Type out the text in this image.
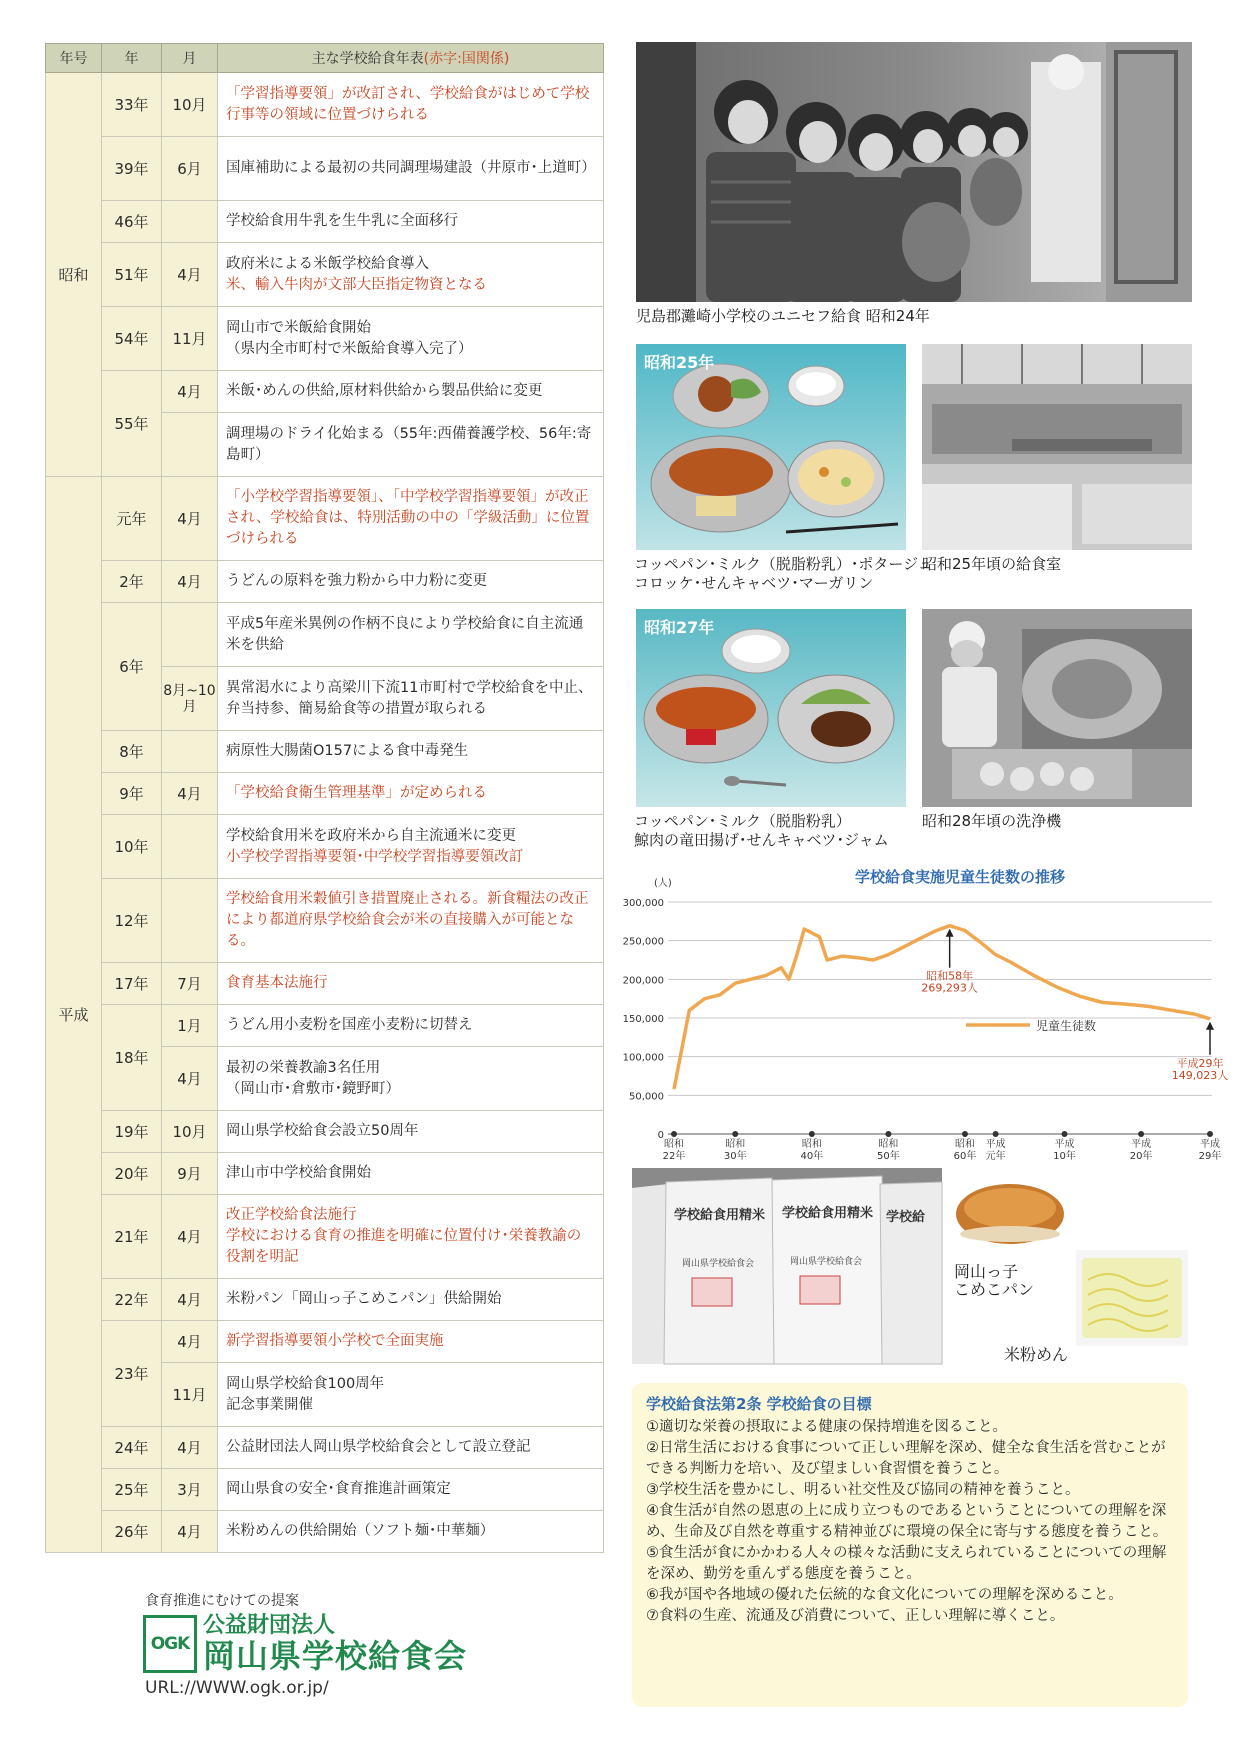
年号	年	月	主な学校給食年表(赤字:国関係)
昭和	33年	10月	「学習指導要領」が改訂され、学校給食がはじめて学校行事等の領域に位置づけられる

	39年	6月	国庫補助による最初の共同調理場建設（井原市･上道町）

	46年		学校給食用牛乳を生牛乳に全面移行

	51年	4月	政府米による米飯学校給食導入
米、輸入牛肉が文部大臣指定物資となる

	54年	11月	岡山市で米飯給食開始
（県内全市町村で米飯給食導入完了）

	55年	4月	米飯･めんの供給,原材料供給から製品供給に変更

			調理場のドライ化始まる（55年:西備養護学校、56年:寄島町）

平成	元年	4月	「小学校学習指導要領」、「中学校学習指導要領」が改正され、学校給食は、特別活動の中の「学級活動」に位置づけられる

	2年	4月	うどんの原料を強力粉から中力粉に変更

	6年		平成5年産米異例の作柄不良により学校給食に自主流通米を供給

		8月~10月	異常渇水により高梁川下流11市町村で学校給食を中止、弁当持参、簡易給食等の措置が取られる

	8年		病原性大腸菌O157による食中毒発生

	9年	4月	「学校給食衛生管理基準」が定められる

	10年		学校給食用米を政府米から自主流通米に変更
小学校学習指導要領･中学校学習指導要領改訂

	12年		学校給食用米穀値引き措置廃止される。新食糧法の改正により都道府県学校給食会が米の直接購入が可能となる。

	17年	7月	食育基本法施行

	18年	1月	うどん用小麦粉を国産小麦粉に切替え

		4月	最初の栄養教諭3名任用
（岡山市･倉敷市･鏡野町）

	19年	10月	岡山県学校給食会設立50周年

	20年	9月	津山市中学校給食開始

	21年	4月	改正学校給食法施行
学校における食育の推進を明確に位置付け･栄養教諭の役割を明記

	22年	4月	米粉パン「岡山っ子こめこパン」供給開始

	23年	4月	新学習指導要領小学校で全面実施

		11月	岡山県学校給食100周年
記念事業開催

	24年	4月	公益財団法人岡山県学校給食会として設立登記

	25年	3月	岡山県食の安全･食育推進計画策定

	26年	4月	米粉めんの供給開始（ソフト麺･中華麺）
児島郡灘崎小学校のユニセフ給食 昭和24年
昭和25年
コッペパン･ミルク（脱脂粉乳）･ポタージュ
コロッケ･せんキャベツ･マーガリン
昭和25年頃の給食室
昭和27年
コッペパン･ミルク（脱脂粉乳）
鯨肉の竜田揚げ･せんキャベツ･ジャム
昭和28年頃の洗浄機
学校給食実施児童生徒数の推移
(人)
0
50,000
100,000
150,000
200,000
250,000
300,000
昭和
22年
昭和
30年
昭和
40年
昭和
50年
昭和
60年
平成
元年
平成
10年
平成
20年
平成
29年
昭和58年
269,293人
平成29年
149,023人
児童生徒数
学校給食用精米 学校給食用精米 学校給
岡山県学校給食会	岡山県学校給食会	岡山っ子
こめこパン
米粉めん
学校給食法第2条 学校給食の目標

①適切な栄養の摂取による健康の保持増進を図ること。

②日常生活における食事について正しい理解を深め、健全な食生活を営むことができる判断力を培い、及び望ましい食習慣を養うこと。

③学校生活を豊かにし、明るい社交性及び協同の精神を養うこと。

④食生活が自然の恩恵の上に成り立つものであるということについての理解を深め、生命及び自然を尊重する精神並びに環境の保全に寄与する態度を養うこと。

⑤食生活が食にかかわる人々の様々な活動に支えられていることについての理解を深め、勤労を重んずる態度を養うこと。

⑥我が国や各地域の優れた伝統的な食文化についての理解を深めること。

⑦食料の生産、流通及び消費について、正しい理解に導くこと。

食育推進にむけての提案
OGK
公益財団法人
岡山県学校給食会
URL://WWW.ogk.or.jp/
